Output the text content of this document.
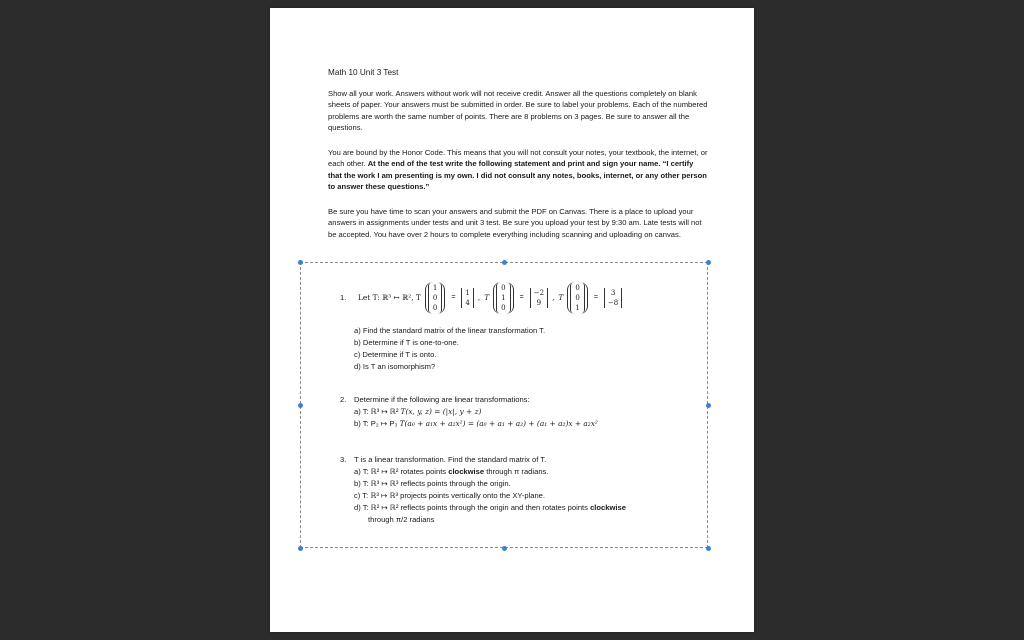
Math 10 Unit 3 Test

Show all your work. Answers without work will not receive credit. Answer all the questions completely on blank sheets of paper. Your answers must be submitted in order. Be sure to label your problems. Each of the numbered problems are worth the same number of points. There are 8 problems on 3 pages. Be sure to answer all the questions.

You are bound by the Honor Code. This means that you will not consult your notes, your textbook, the internet, or each other. At the end of the test write the following statement and print and sign your name. “I certify that the work I am presenting is my own. I did not consult any notes, books, internet, or any other person to answer these questions.”

Be sure you have time to scan your answers and submit the PDF on Canvas. There is a place to upload your answers in assignments under tests and unit 3 test. Be sure you upload your test by 9:30 am. Late tests will not be accepted. You have over 2 hours to complete everything including scanning and uploading on canvas.

1.	Let T: ℝ³ ↦ ℝ², T
1
0
0
=
1
4
, T
0
1
0
=
−2
9
, T
0
0
1
=
3
−8
a) Find the standard matrix of the linear transformation T.
b) Determine if T is one-to-one.
c) Determine if T is onto.
d) Is T an isomorphism?
2. Determine if the following are linear transformations:
a) T: ℝ³ ↦ ℝ² T(x, y, z) = (|x|, y + z)
b) T: P₂ ↦ P₃ T(a₀ + a₁x + a₂x²) = (a₀ + a₁ + a₂) + (a₁ + a₂)x + a₂x²
3. T is a linear transformation. Find the standard matrix of T.
a) T: ℝ² ↦ ℝ² rotates points clockwise through π radians.
b) T: ℝ³ ↦ ℝ³ reflects points through the origin.
c) T: ℝ³ ↦ ℝ³ projects points vertically onto the XY-plane.
d) T: ℝ² ↦ ℝ² reflects points through the origin and then rotates points clockwise
through π/2 radians
